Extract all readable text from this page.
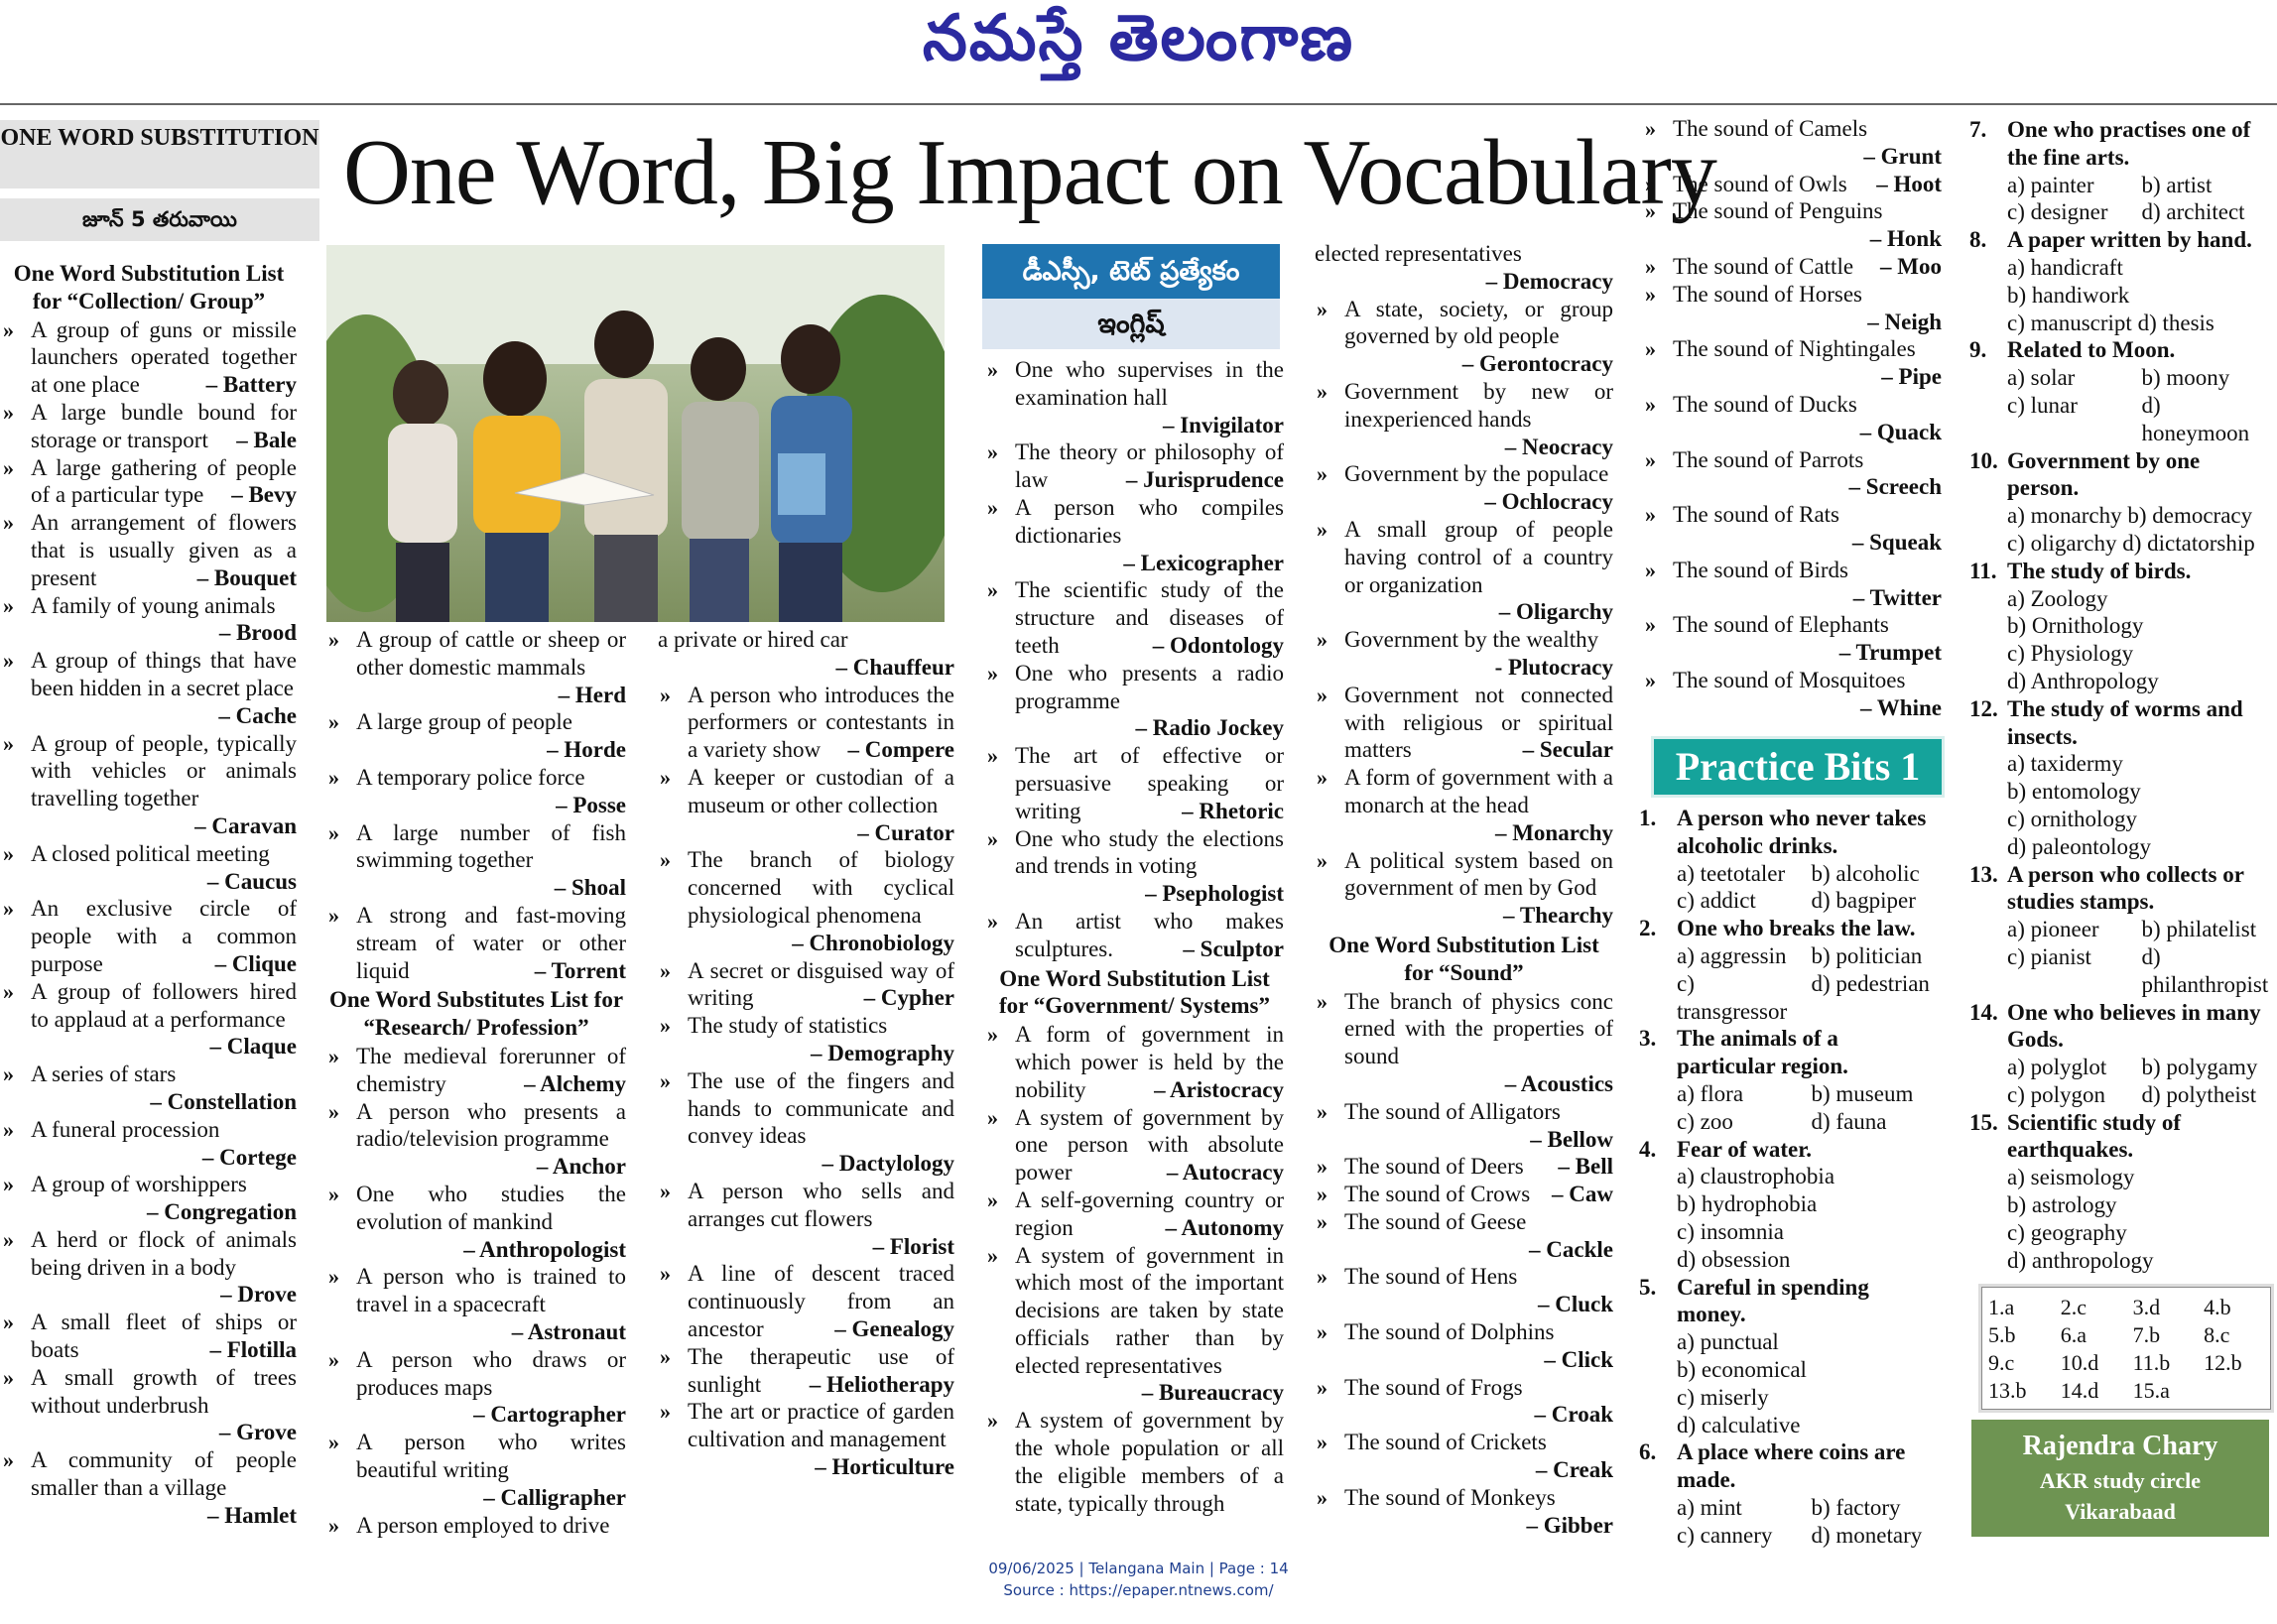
నమస్తే తెలంగాణ
ONE WORD SUBSTITUTION
జూన్ 5 తరువాయి	One Word, Big Impact on Vocabulary
డీఎస్సీ, టెట్ ప్రత్యేకం
ఇంగ్లిష్
One Word Substitution List for “Collection/ Group”
» A group of guns or missile launchers operated together at one place	– Battery
» A large bundle bound for storage or transport – Bale
» A large gathering of people of a particular type – Bevy
» An arrangement of flowers that is usually given as a present	– Bouquet
» A family of young animals
– Brood
» A group of things that have been hidden in a secret place
– Cache
» A group of people, typically with vehicles or animals travelling together
– Caravan
» A closed political meeting
– Caucus
» An exclusive circle of people with a common purpose	– Clique
» A group of followers hired to applaud at a performance
– Claque
» A series of stars
– Constellation
» A funeral procession
– Cortege
» A group of worshippers
– Congregation
» A herd or flock of animals being driven in a body
– Drove
» A small fleet of ships or boats	– Flotilla
» A small growth of trees without underbrush
– Grove
» A community of people smaller than a village
– Hamlet
» A group of cattle or sheep or other domestic mammals
– Herd
» A large group of people
– Horde
» A temporary police force
– Posse
» A large number of fish swimming together
– Shoal
» A strong and fast-moving stream of water or other liquid	– Torrent
One Word Substitutes List for “Research/ Profession”
» The medieval forerunner of chemistry	– Alchemy
» A person who presents a radio/television programme
– Anchor
» One who studies the evolution of mankind
– Anthropologist
» A person who is trained to travel in a spacecraft
– Astronaut
» A person who draws or produces maps
– Cartographer
» A person who writes beautiful writing
– Calligrapher
» A person employed to drive
a private or hired car
– Chauffeur
» A person who introduces the performers or contestants in a variety show – Compere
» A keeper or custodian of a museum or other collection
– Curator
» The branch of biology concerned with cyclical physiological phenomena
– Chronobiology
» A secret or disguised way of writing	– Cypher
» The study of statistics
– Demography
» The use of the fingers and hands to communicate and convey ideas
– Dactylology
» A person who sells and arranges cut flowers
– Florist
» A line of descent traced continuously from an ancestor	– Genealogy
» The therapeutic use of sunlight – Heliotherapy
» The art or practice of garden cultivation and management
– Horticulture
» One who supervises in the examination hall
– Invigilator
» The theory or philosophy of law	– Jurisprudence
» A person who compiles dictionaries
– Lexicographer
» The scientific study of the structure and diseases of teeth	– Odontology
» One who presents a radio programme
– Radio Jockey
» The art of effective or persuasive speaking or writing	– Rhetoric
» One who study the elections and trends in voting
– Psephologist
» An artist who makes sculptures.	– Sculptor
One Word Substitution List for “Government/ Systems”
» A form of government in which power is held by the nobility	– Aristocracy
» A system of government by one person with absolute power	– Autocracy
» A self-governing country or region	– Autonomy
» A system of government in which most of the important decisions are taken by state officials rather than by elected representatives
– Bureaucracy
» A system of government by the whole population or all the eligible members of a state, typically through
elected representatives
– Democracy
» A state, society, or group governed by old people
– Gerontocracy
» Government by new or inexperienced hands
– Neocracy
» Government by the populace
– Ochlocracy
» A small group of people having control of a country or organization
– Oligarchy
» Government by the wealthy
- Plutocracy
» Government not connected with religious or spiritual matters	– Secular
» A form of government with a monarch at the head
– Monarchy
» A political system based on government of men by God
– Thearchy
One Word Substitution List for “Sound”
» The branch of physics conc erned with the properties of sound
– Acoustics
» The sound of Alligators
– Bellow
» The sound of Deers – Bell
» The sound of Crows – Caw
» The sound of Geese
– Cackle
» The sound of Hens
– Cluck
» The sound of Dolphins
– Click
» The sound of Frogs
– Croak
» The sound of Crickets
– Creak
» The sound of Monkeys
– Gibber
» The sound of Camels
– Grunt
» The sound of Owls – Hoot
» The sound of Penguins
– Honk
» The sound of Cattle – Moo
» The sound of Horses
– Neigh
» The sound of Nightingales
– Pipe
» The sound of Ducks
– Quack
» The sound of Parrots
– Screech
» The sound of Rats
– Squeak
» The sound of Birds
– Twitter
» The sound of Elephants
– Trumpet
» The sound of Mosquitoes
– Whine
Practice Bits 1
1. A person who never takes alcoholic drinks.
a) teetotaler	b) alcoholic
c) addict	d) bagpiper
2. One who breaks the law.
a) aggressin	b) politician
c) transgressor
d) pedestrian
3. The animals of a particular region.
a) flora	b) museum
c) zoo	d) fauna
4. Fear of water.
a) claustrophobia
b) hydrophobia
c) insomnia
d) obsession
5. Careful in spending money.
a) punctual
b) economical
c) miserly
d) calculative
6. A place where coins are made.
a) mint	b) factory
c) cannery	d) monetary
7. One who practises one of the fine arts.
a) painter	b) artist
c) designer	d) architect
8. A paper written by hand.
a) handicraft
b) handiwork
c) manuscript d) thesis
9. Related to Moon.
a) solar	b) moony
c) lunar	d) honeymoon
10. Government by one person.
a) monarchy b) democracy
c) oligarchy d) dictatorship
11. The study of birds.
a) Zoology
b) Ornithology
c) Physiology
d) Anthropology
12. The study of worms and insects.
a) taxidermy
b) entomology
c) ornithology
d) paleontology
13. A person who collects or studies stamps.
a) pioneer	b) philatelist
c) pianist	d) philanthropist
14. One who believes in many Gods.
a) polyglot	b) polygamy
c) polygon	d) polytheist
15. Scientific study of earthquakes.
a) seismology
b) astrology
c) geography
d) anthropology
1.a	2.c	3.d	4.b
5.b	6.a	7.b	8.c
9.c	10.d	11.b	12.b
13.b	14.d	15.a	
Rajendra Chary
AKR study circle
Vikarabaad
09/06/2025 | Telangana Main | Page : 14
Source : https://epaper.ntnews.com/
